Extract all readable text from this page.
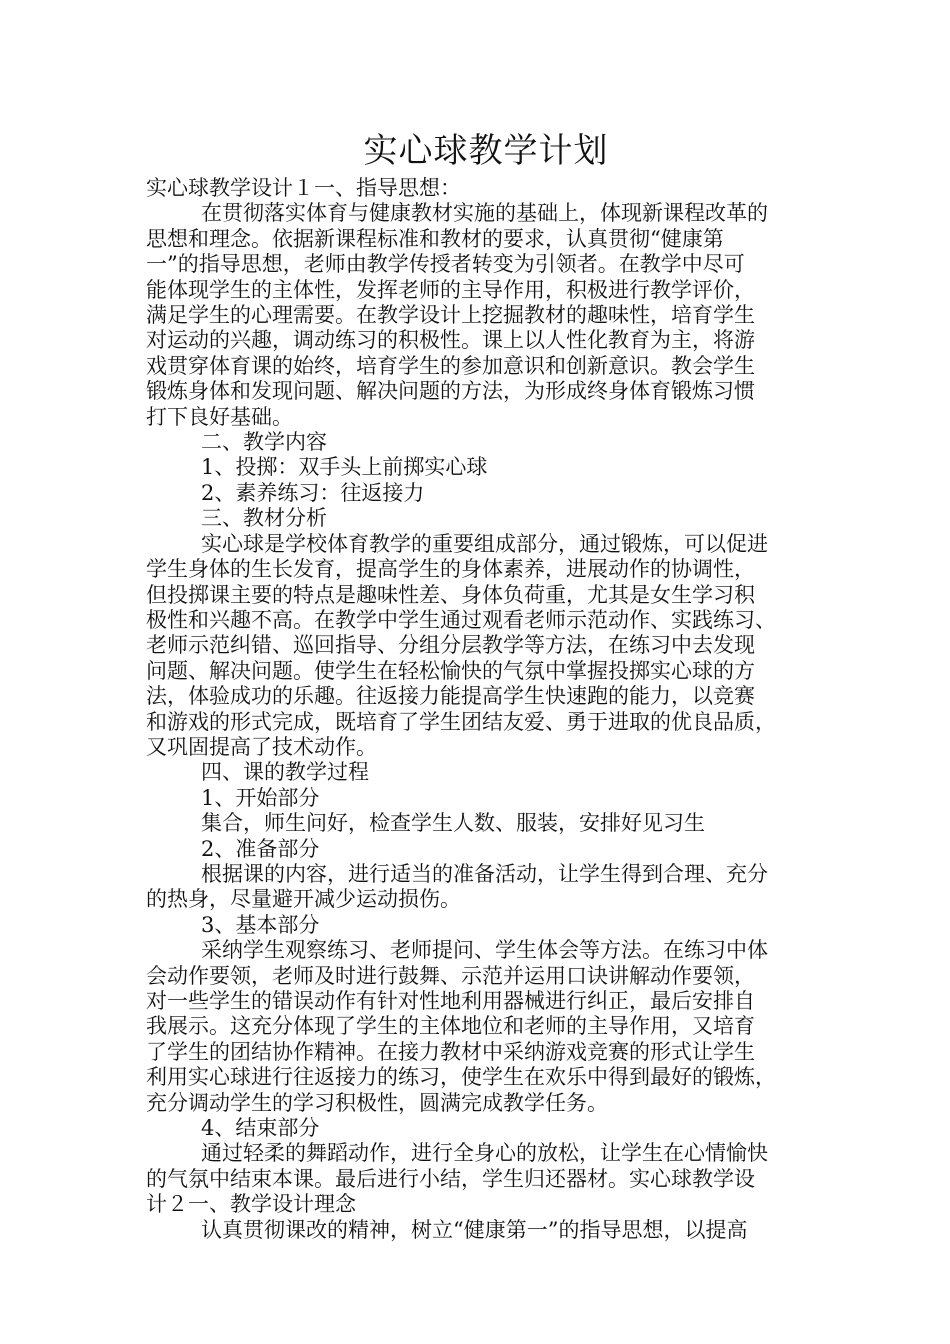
实心球教学计划

实心球教学设计１一、指导思想：

在贯彻落实体育与健康教材实施的基础上，体现新课程改革的

思想和理念。依据新课程标准和教材的要求，认真贯彻“健康第

一”的指导思想，老师由教学传授者转变为引领者。在教学中尽可

能体现学生的主体性，发挥老师的主导作用，积极进行教学评价，

满足学生的心理需要。在教学设计上挖掘教材的趣味性，培育学生

对运动的兴趣，调动练习的积极性。课上以人性化教育为主，将游

戏贯穿体育课的始终，培育学生的参加意识和创新意识。教会学生

锻炼身体和发现问题、解决问题的方法，为形成终身体育锻炼习惯

打下良好基础。

二、教学内容

1、投掷：双手头上前掷实心球

2、素养练习：往返接力

三、教材分析

实心球是学校体育教学的重要组成部分，通过锻炼，可以促进

学生身体的生长发育，提高学生的身体素养，进展动作的协调性，

但投掷课主要的特点是趣味性差、身体负荷重，尤其是女生学习积

极性和兴趣不高。在教学中学生通过观看老师示范动作、实践练习、

老师示范纠错、巡回指导、分组分层教学等方法，在练习中去发现

问题、解决问题。使学生在轻松愉快的气氛中掌握投掷实心球的方

法，体验成功的乐趣。往返接力能提高学生快速跑的能力，以竞赛

和游戏的形式完成，既培育了学生团结友爱、勇于进取的优良品质，

又巩固提高了技术动作。

四、课的教学过程

1、开始部分

集合，师生问好，检查学生人数、服装，安排好见习生

2、准备部分

根据课的内容，进行适当的准备活动，让学生得到合理、充分

的热身，尽量避开减少运动损伤。

3、基本部分

采纳学生观察练习、老师提问、学生体会等方法。在练习中体

会动作要领，老师及时进行鼓舞、示范并运用口诀讲解动作要领，

对一些学生的错误动作有针对性地利用器械进行纠正，最后安排自

我展示。这充分体现了学生的主体地位和老师的主导作用，又培育

了学生的团结协作精神。在接力教材中采纳游戏竞赛的形式让学生

利用实心球进行往返接力的练习，使学生在欢乐中得到最好的锻炼，

充分调动学生的学习积极性，圆满完成教学任务。

4、结束部分

通过轻柔的舞蹈动作，进行全身心的放松，让学生在心情愉快

的气氛中结束本课。最后进行小结，学生归还器材。实心球教学设

计２一、教学设计理念

认真贯彻课改的精神，树立“健康第一”的指导思想，以提高
